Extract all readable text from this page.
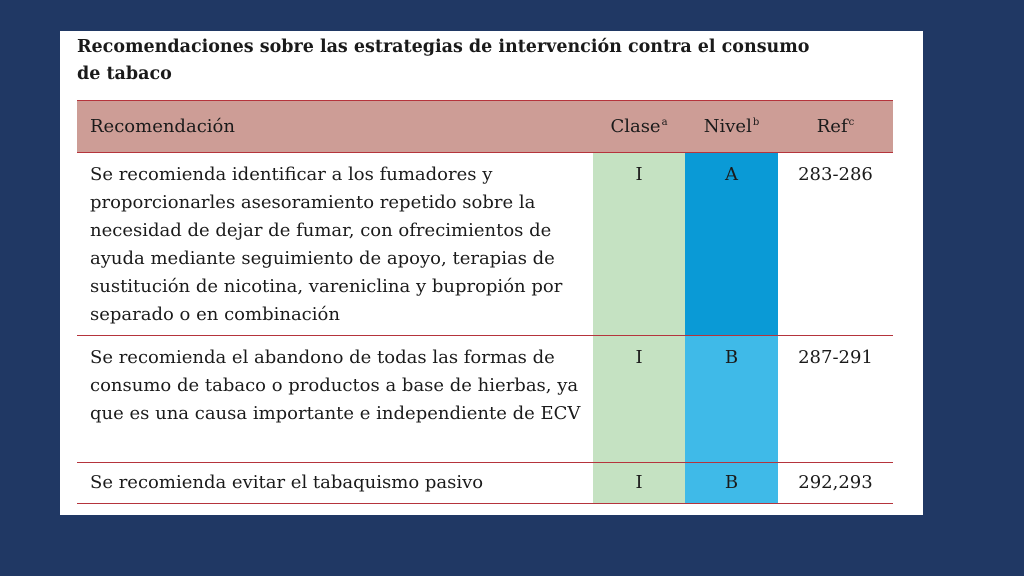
Recomendaciones sobre las estrategias de intervención contra el consumo de tabaco
Recomendación	Clase$^a$	Nivel$^b$	Ref$^c$
Se recomienda identificar a los fumadores y proporcionarles asesoramiento repetido sobre la necesidad de dejar de fumar, con ofrecimientos de ayuda mediante seguimiento de apoyo, terapias de sustitución de nicotina, vareniclina y bupropión por separado o en combinación	I	A	283-286
Se recomienda el abandono de todas las formas de consumo de tabaco o productos a base de hierbas, ya que es una causa importante e independiente de ECV	I	B	287-291
Se recomienda evitar el tabaquismo pasivo	I	B	292,293
